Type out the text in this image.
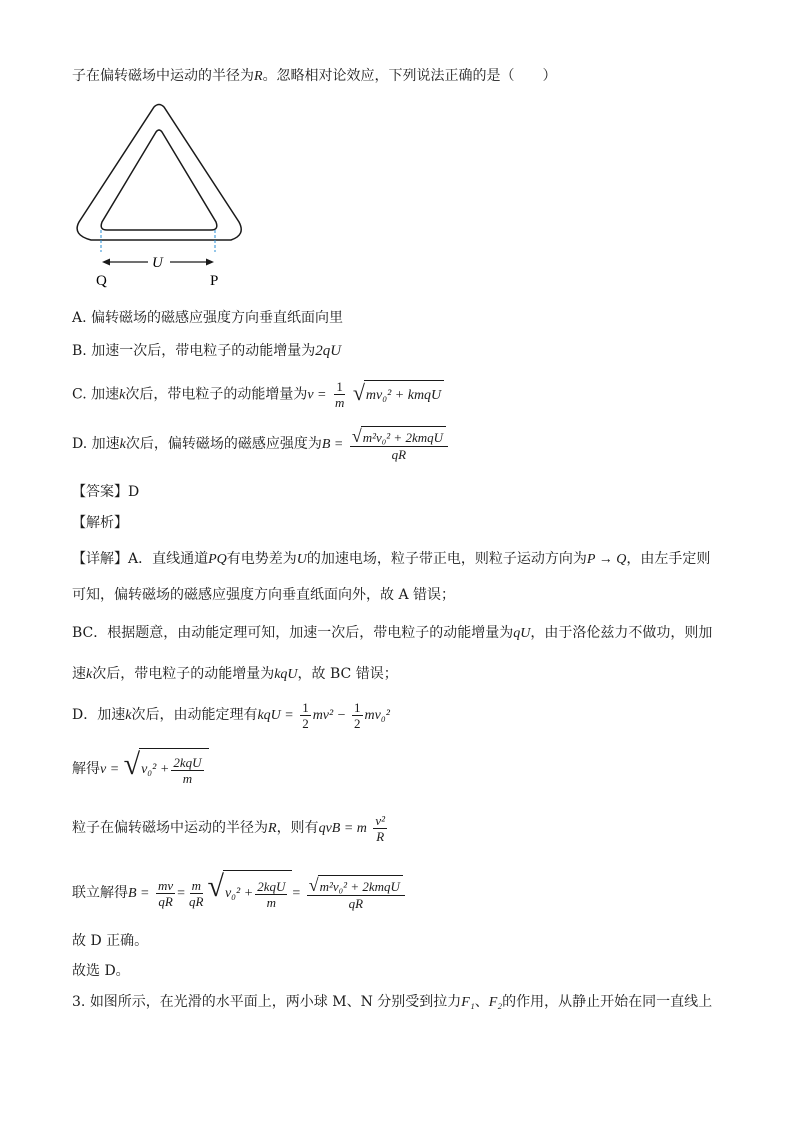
子在偏转磁场中运动的半径为R。忽略相对论效应，下列说法正确的是（　　）
U
Q	P
A. 偏转磁场的磁感应强度方向垂直纸面向里
B. 加速一次后，带电粒子的动能增量为2qU
C. 加速k次后，带电粒子的动能增量为$v = \frac{1}{m}$
√ mv₀² + kmqU
D. 加速k次后，偏转磁场的磁感应强度为$B = \frac{\text{√ m²v₀² + 2kmqU}}{qR}$
【答案】D
【解析】
【详解】A．直线通道PQ有电势差为U的加速电场，粒子带正电，则粒子运动方向为P → Q，由左手定则
可知，偏转磁场的磁感应强度方向垂直纸面向外，故 A 错误；
BC．根据题意，由动能定理可知，加速一次后，带电粒子的动能增量为qU，由于洛伦兹力不做功，则加
速k次后，带电粒子的动能增量为kqU，故 BC 错误；
D．加速k次后，由动能定理有kqU = $\frac{1}{2} mv^2 - \frac{1}{2} mv_0^2$
解得v = √ $v_0^2 + \frac{\text{2kqU}}{m}$
粒子在偏转磁场中运动的半径为R，则有qvB = m $\frac{\text{v²}}{R}$
联立解得$B = \frac{mv}{qR} = \frac{m}{qR}$ √ $v_0^2 + \frac{\text{2kqU}}{m} = \frac{\text{√ m²v₀² + 2kmqU}}{qR}$
故 D 正确。
故选 D。
3. 如图所示，在光滑的水平面上，两小球 M、N 分别受到拉力F₁、F₂的作用，从静止开始在同一直线上
